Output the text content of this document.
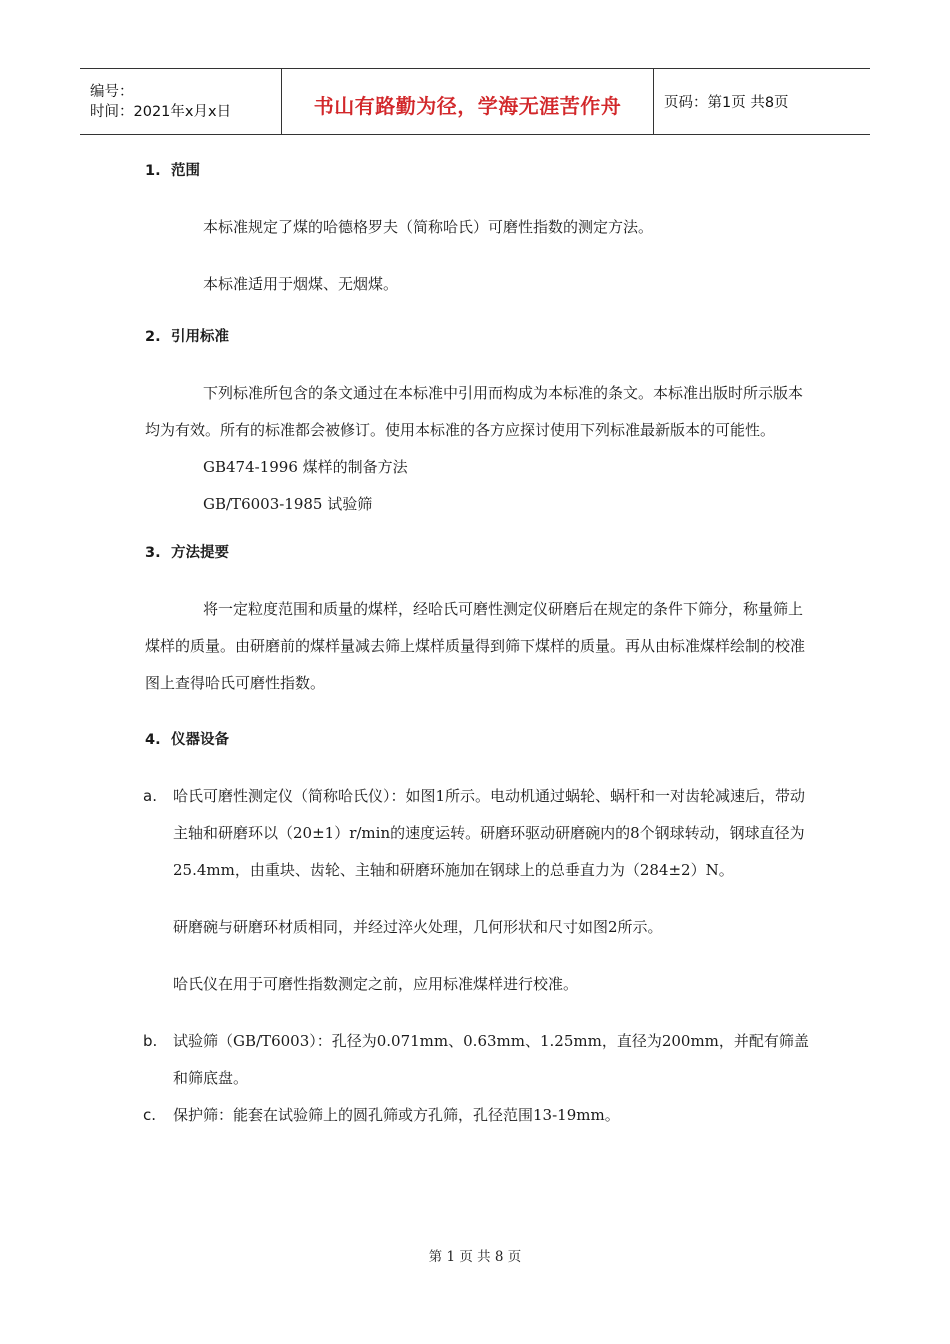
编号：
时间：2021年x月x日	书山有路勤为径，学海无涯苦作舟	页码：第1页 共8页
1. 范围

本标准规定了煤的哈德格罗夫（简称哈氏）可磨性指数的测定方法。

本标准适用于烟煤、无烟煤。

2. 引用标准

下列标准所包含的条文通过在本标准中引用而构成为本标准的条文。本标准出版时所示版本均为有效。所有的标准都会被修订。使用本标准的各方应探讨使用下列标准最新版本的可能性。

GB474-1996 煤样的制备方法
GB/T6003-1985 试验筛
3. 方法提要

将一定粒度范围和质量的煤样，经哈氏可磨性测定仪研磨后在规定的条件下筛分，称量筛上煤样的质量。由研磨前的煤样量减去筛上煤样质量得到筛下煤样的质量。再从由标准煤样绘制的校准图上查得哈氏可磨性指数。

4. 仪器设备
a.	哈氏可磨性测定仪（简称哈氏仪）：如图1所示。电动机通过蜗轮、蜗杆和一对齿轮减速后，带动主轴和研磨环以（20±1）r/min的速度运转。研磨环驱动研磨碗内的8个钢球转动，钢球直径为25.4mm，由重块、齿轮、主轴和研磨环施加在钢球上的总垂直力为（284±2）N。
研磨碗与研磨环材质相同，并经过淬火处理，几何形状和尺寸如图2所示。
哈氏仪在用于可磨性指数测定之前，应用标准煤样进行校准。
b.	试验筛（GB/T6003）：孔径为0.071mm、0.63mm、1.25mm，直径为200mm，并配有筛盖和筛底盘。
c.	保护筛：能套在试验筛上的圆孔筛或方孔筛，孔径范围13-19mm。
第 1 页 共 8 页
